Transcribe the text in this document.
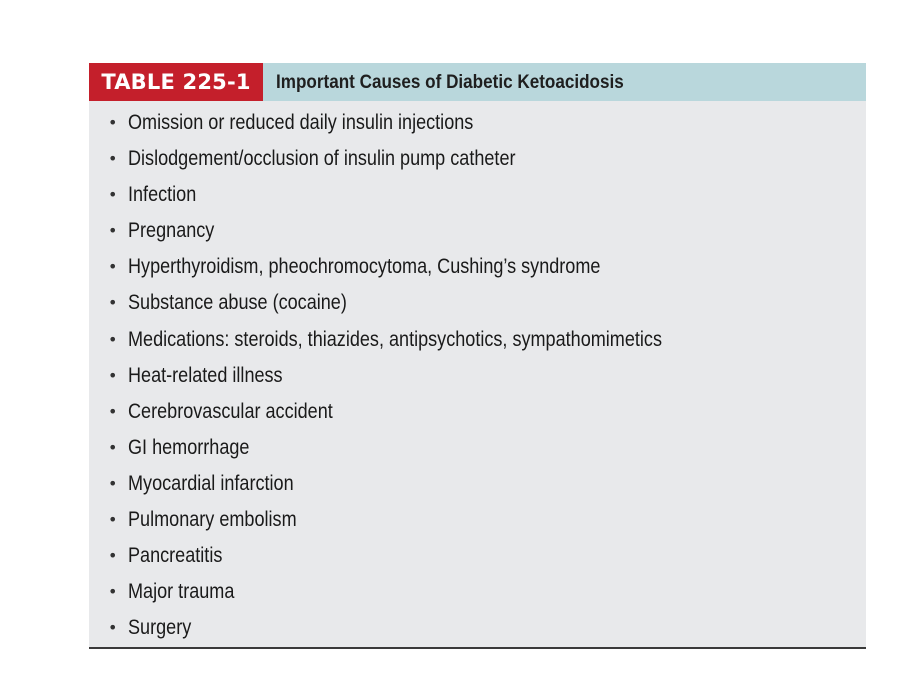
TABLE 225-1	Important Causes of Diabetic Ketoacidosis
• Omission or reduced daily insulin injections
• Dislodgement/occlusion of insulin pump catheter
• Infection
• Pregnancy
• Hyperthyroidism, pheochromocytoma, Cushing’s syndrome
• Substance abuse (cocaine)
• Medications: steroids, thiazides, antipsychotics, sympathomimetics
• Heat-related illness
• Cerebrovascular accident
• GI hemorrhage
• Myocardial infarction
• Pulmonary embolism
• Pancreatitis
• Major trauma
• Surgery
